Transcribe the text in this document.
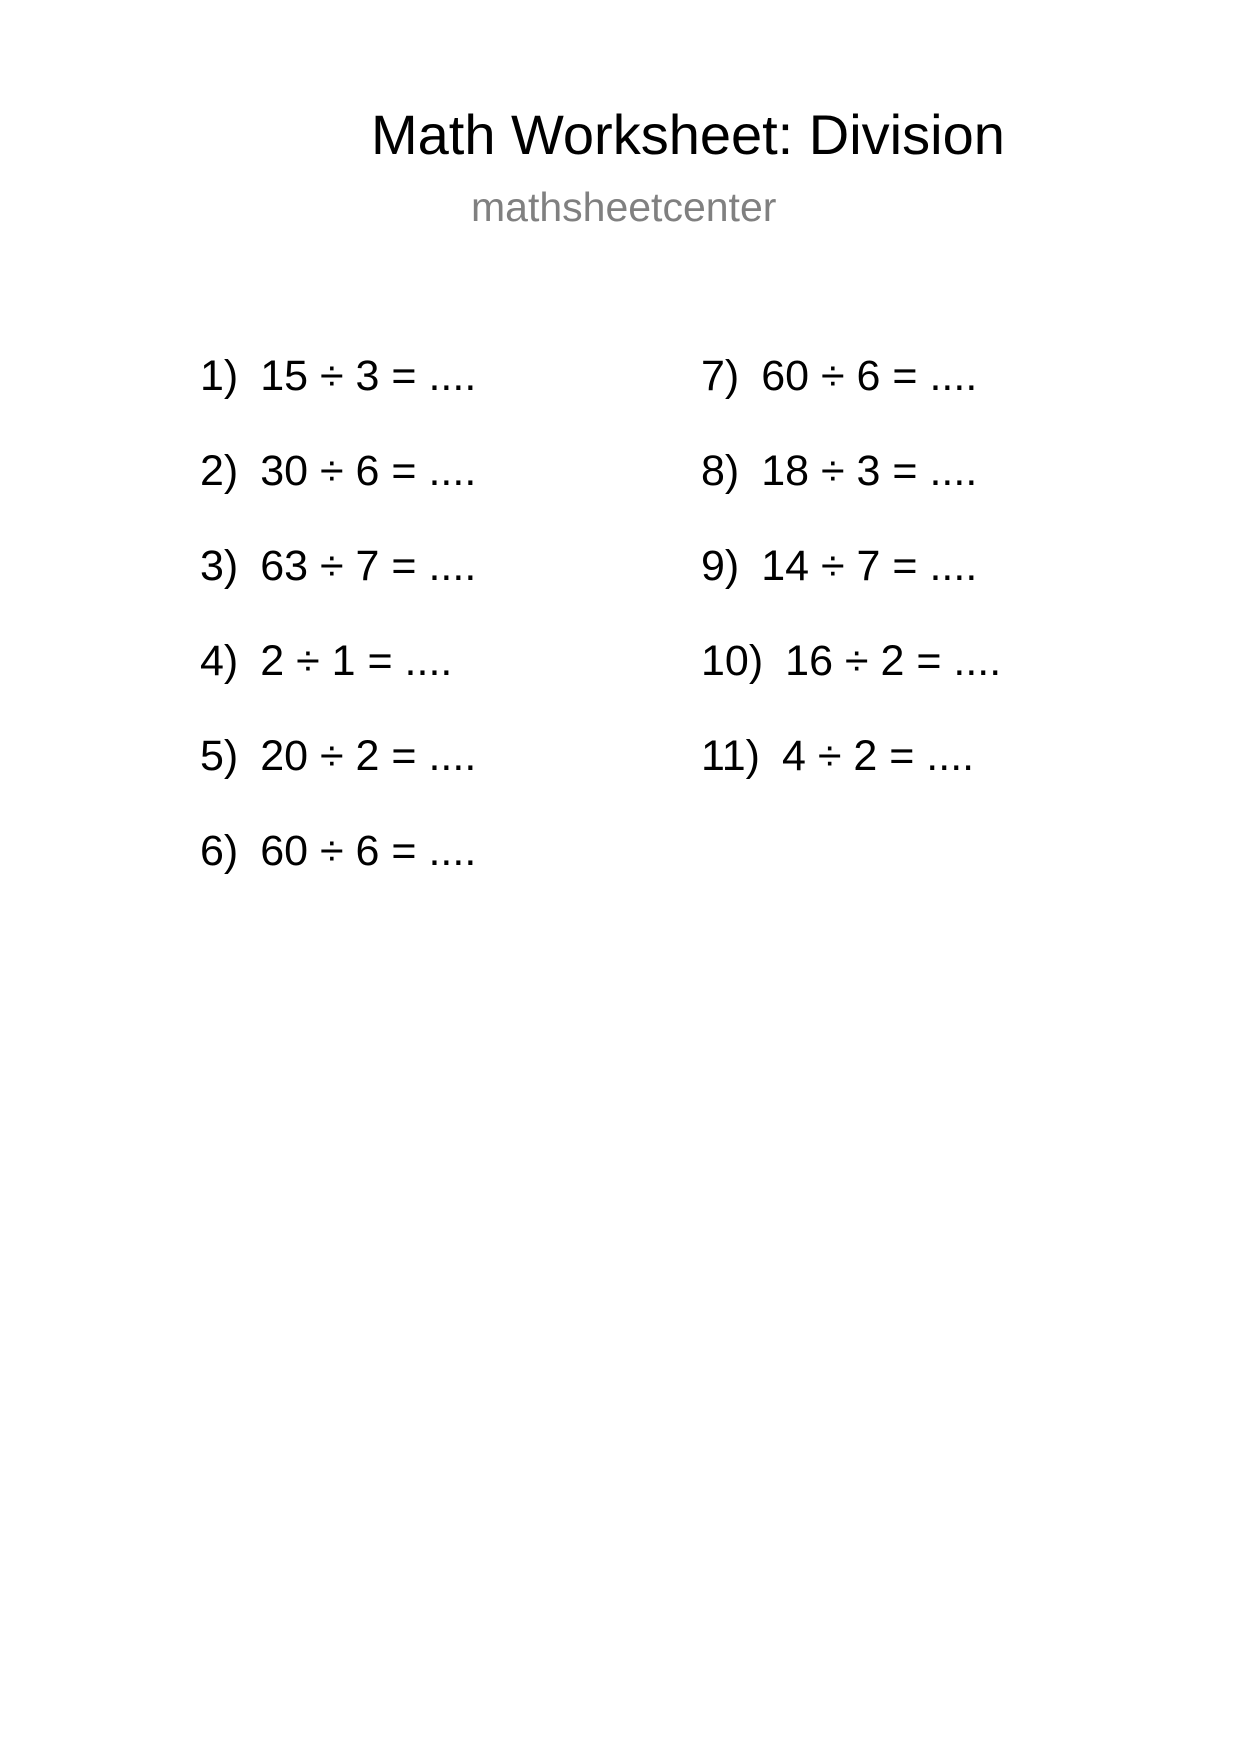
Math Worksheet: Division
mathsheetcenter
1) 15 ÷ 3 = ....
2) 30 ÷ 6 = ....
3) 63 ÷ 7 = ....
4) 2 ÷ 1 = ....
5) 20 ÷ 2 = ....
6) 60 ÷ 6 = ....
7) 60 ÷ 6 = ....
8) 18 ÷ 3 = ....
9) 14 ÷ 7 = ....
10) 16 ÷ 2 = ....
11) 4 ÷ 2 = ....
